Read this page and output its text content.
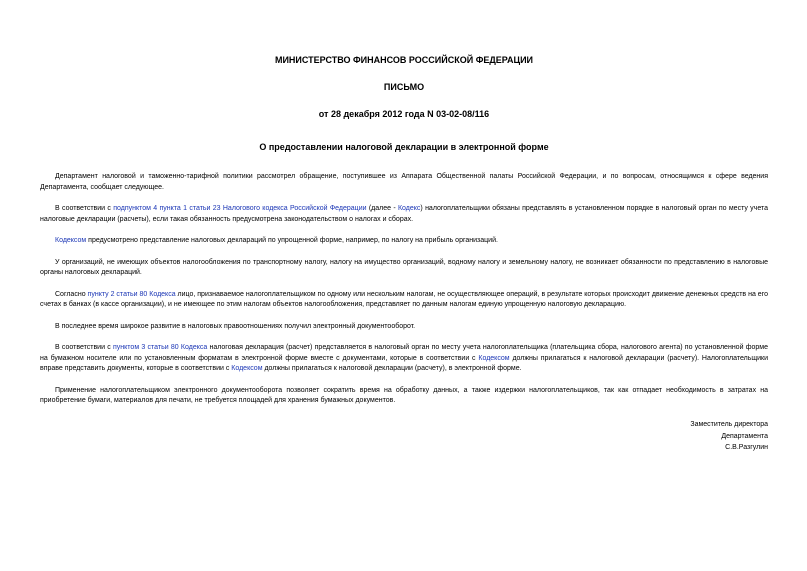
МИНИСТЕРСТВО ФИНАНСОВ РОССИЙСКОЙ ФЕДЕРАЦИИ

ПИСЬМО

от 28 декабря 2012 года N 03-02-08/116

О предоставлении налоговой декларации в электронной форме

Департамент налоговой и таможенно-тарифной политики рассмотрел обращение, поступившее из Аппарата Общественной палаты Российской Федерации, и по вопросам, относящимся к сфере ведения Департамента, сообщает следующее.

В соответствии с подпунктом 4 пункта 1 статьи 23 Налогового кодекса Российской Федерации (далее - Кодекс) налогоплательщики обязаны представлять в установленном порядке в налоговый орган по месту учета налоговые декларации (расчеты), если такая обязанность предусмотрена законодательством о налогах и сборах.

Кодексом предусмотрено представление налоговых деклараций по упрощенной форме, например, по налогу на прибыль организаций.

У организаций, не имеющих объектов налогообложения по транспортному налогу, налогу на имущество организаций, водному налогу и земельному налогу, не возникает обязанности по представлению в налоговые органы налоговых деклараций.

Согласно пункту 2 статьи 80 Кодекса лицо, признаваемое налогоплательщиком по одному или нескольким налогам, не осуществляющее операций, в результате которых происходит движение денежных средств на его счетах в банках (в кассе организации), и не имеющее по этим налогам объектов налогообложения, представляет по данным налогам единую упрощенную налоговую декларацию.

В последнее время широкое развитие в налоговых правоотношениях получил электронный документооборот.

В соответствии с пунктом 3 статьи 80 Кодекса налоговая декларация (расчет) представляется в налоговый орган по месту учета налогоплательщика (плательщика сбора, налогового агента) по установленной форме на бумажном носителе или по установленным форматам в электронной форме вместе с документами, которые в соответствии с Кодексом должны прилагаться к налоговой декларации (расчету). Налогоплательщики вправе представить документы, которые в соответствии с Кодексом должны прилагаться к налоговой декларации (расчету), в электронной форме.

Применение налогоплательщиком электронного документооборота позволяет сократить время на обработку данных, а также издержки налогоплательщиков, так как отпадает необходимость в затратах на приобретение бумаги, материалов для печати, не требуется площадей для хранения бумажных документов.

Заместитель директора
Департамента
С.В.Разгулин
